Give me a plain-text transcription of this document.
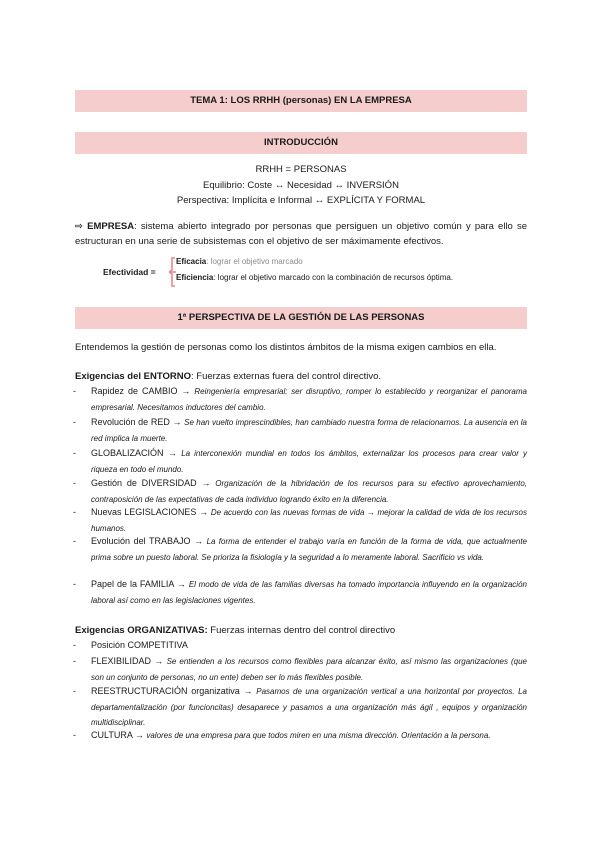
TEMA 1: LOS RRHH (personas) EN LA EMPRESA
INTRODUCCIÓN
RRHH = PERSONAS
Equilibrio: Coste ↔ Necesidad ↔ INVERSIÓN
Perspectiva: Implícita e Informal ↔ EXPLÍCITA Y FORMAL
⇨ EMPRESA: sistema abierto integrado por personas que persiguen un objetivo común y para ello se estructuran en una serie de subsistemas con el objetivo de ser máximamente efectivos.
Efectividad =
Eficacia: lograr el objetivo marcado
Eficiencia: lograr el objetivo marcado con la combinación de recursos óptima.
1ª PERSPECTIVA DE LA GESTIÓN DE LAS PERSONAS
Entendemos la gestión de personas como los distintos ámbitos de la misma exigen cambios en ella.
Exigencias del ENTORNO: Fuerzas externas fuera del control directivo.
- Rapidez de CAMBIO → Reingeniería empresarial: ser disruptivo, romper lo establecido y reorganizar el panorama empresarial. Necesitamos inductores del cambio.
- Revolución de RED → Se han vuelto imprescindibles, han cambiado nuestra forma de relacionarnos. La ausencia en la red implica la muerte.
- GLOBALIZACIÓN → La interconexión mundial en todos los ámbitos, externalizar los procesos para crear valor y riqueza en todo el mundo.
- Gestión de DIVERSIDAD → Organización de la hibridación de los recursos para su efectivo aprovechamiento, contraposición de las expectativas de cada individuo logrando éxito en la diferencia.
- Nuevas LEGISLACIONES → De acuerdo con las nuevas formas de vida → mejorar la calidad de vida de los recursos humanos.
- Evolución del TRABAJO → La forma de entender el trabajo varía en función de la forma de vida, que actualmente prima sobre un puesto laboral. Se prioriza la fisiología y la seguridad a lo meramente laboral. Sacrificio vs vida.
- Papel de la FAMILIA → El modo de vida de las familias diversas ha tomado importancia influyendo en la organización laboral así como en las legislaciones vigentes.
Exigencias ORGANIZATIVAS: Fuerzas internas dentro del control directivo
- Posición COMPETITIVA
- FLEXIBILIDAD → Se entienden a los recursos como flexibles para alcanzar éxito, así mismo las organizaciones (que son un conjunto de personas, no un ente) deben ser lo más flexibles posible.
- REESTRUCTURACIÓN organizativa → Pasamos de una organización vertical a una horizontal por proyectos. La departamentalización (por funcioncitas) desaparece y pasamos a una organización más ágil , equipos y organización multidisciplinar.
- CULTURA → valores de una empresa para que todos miren en una misma dirección. Orientación a la persona.
